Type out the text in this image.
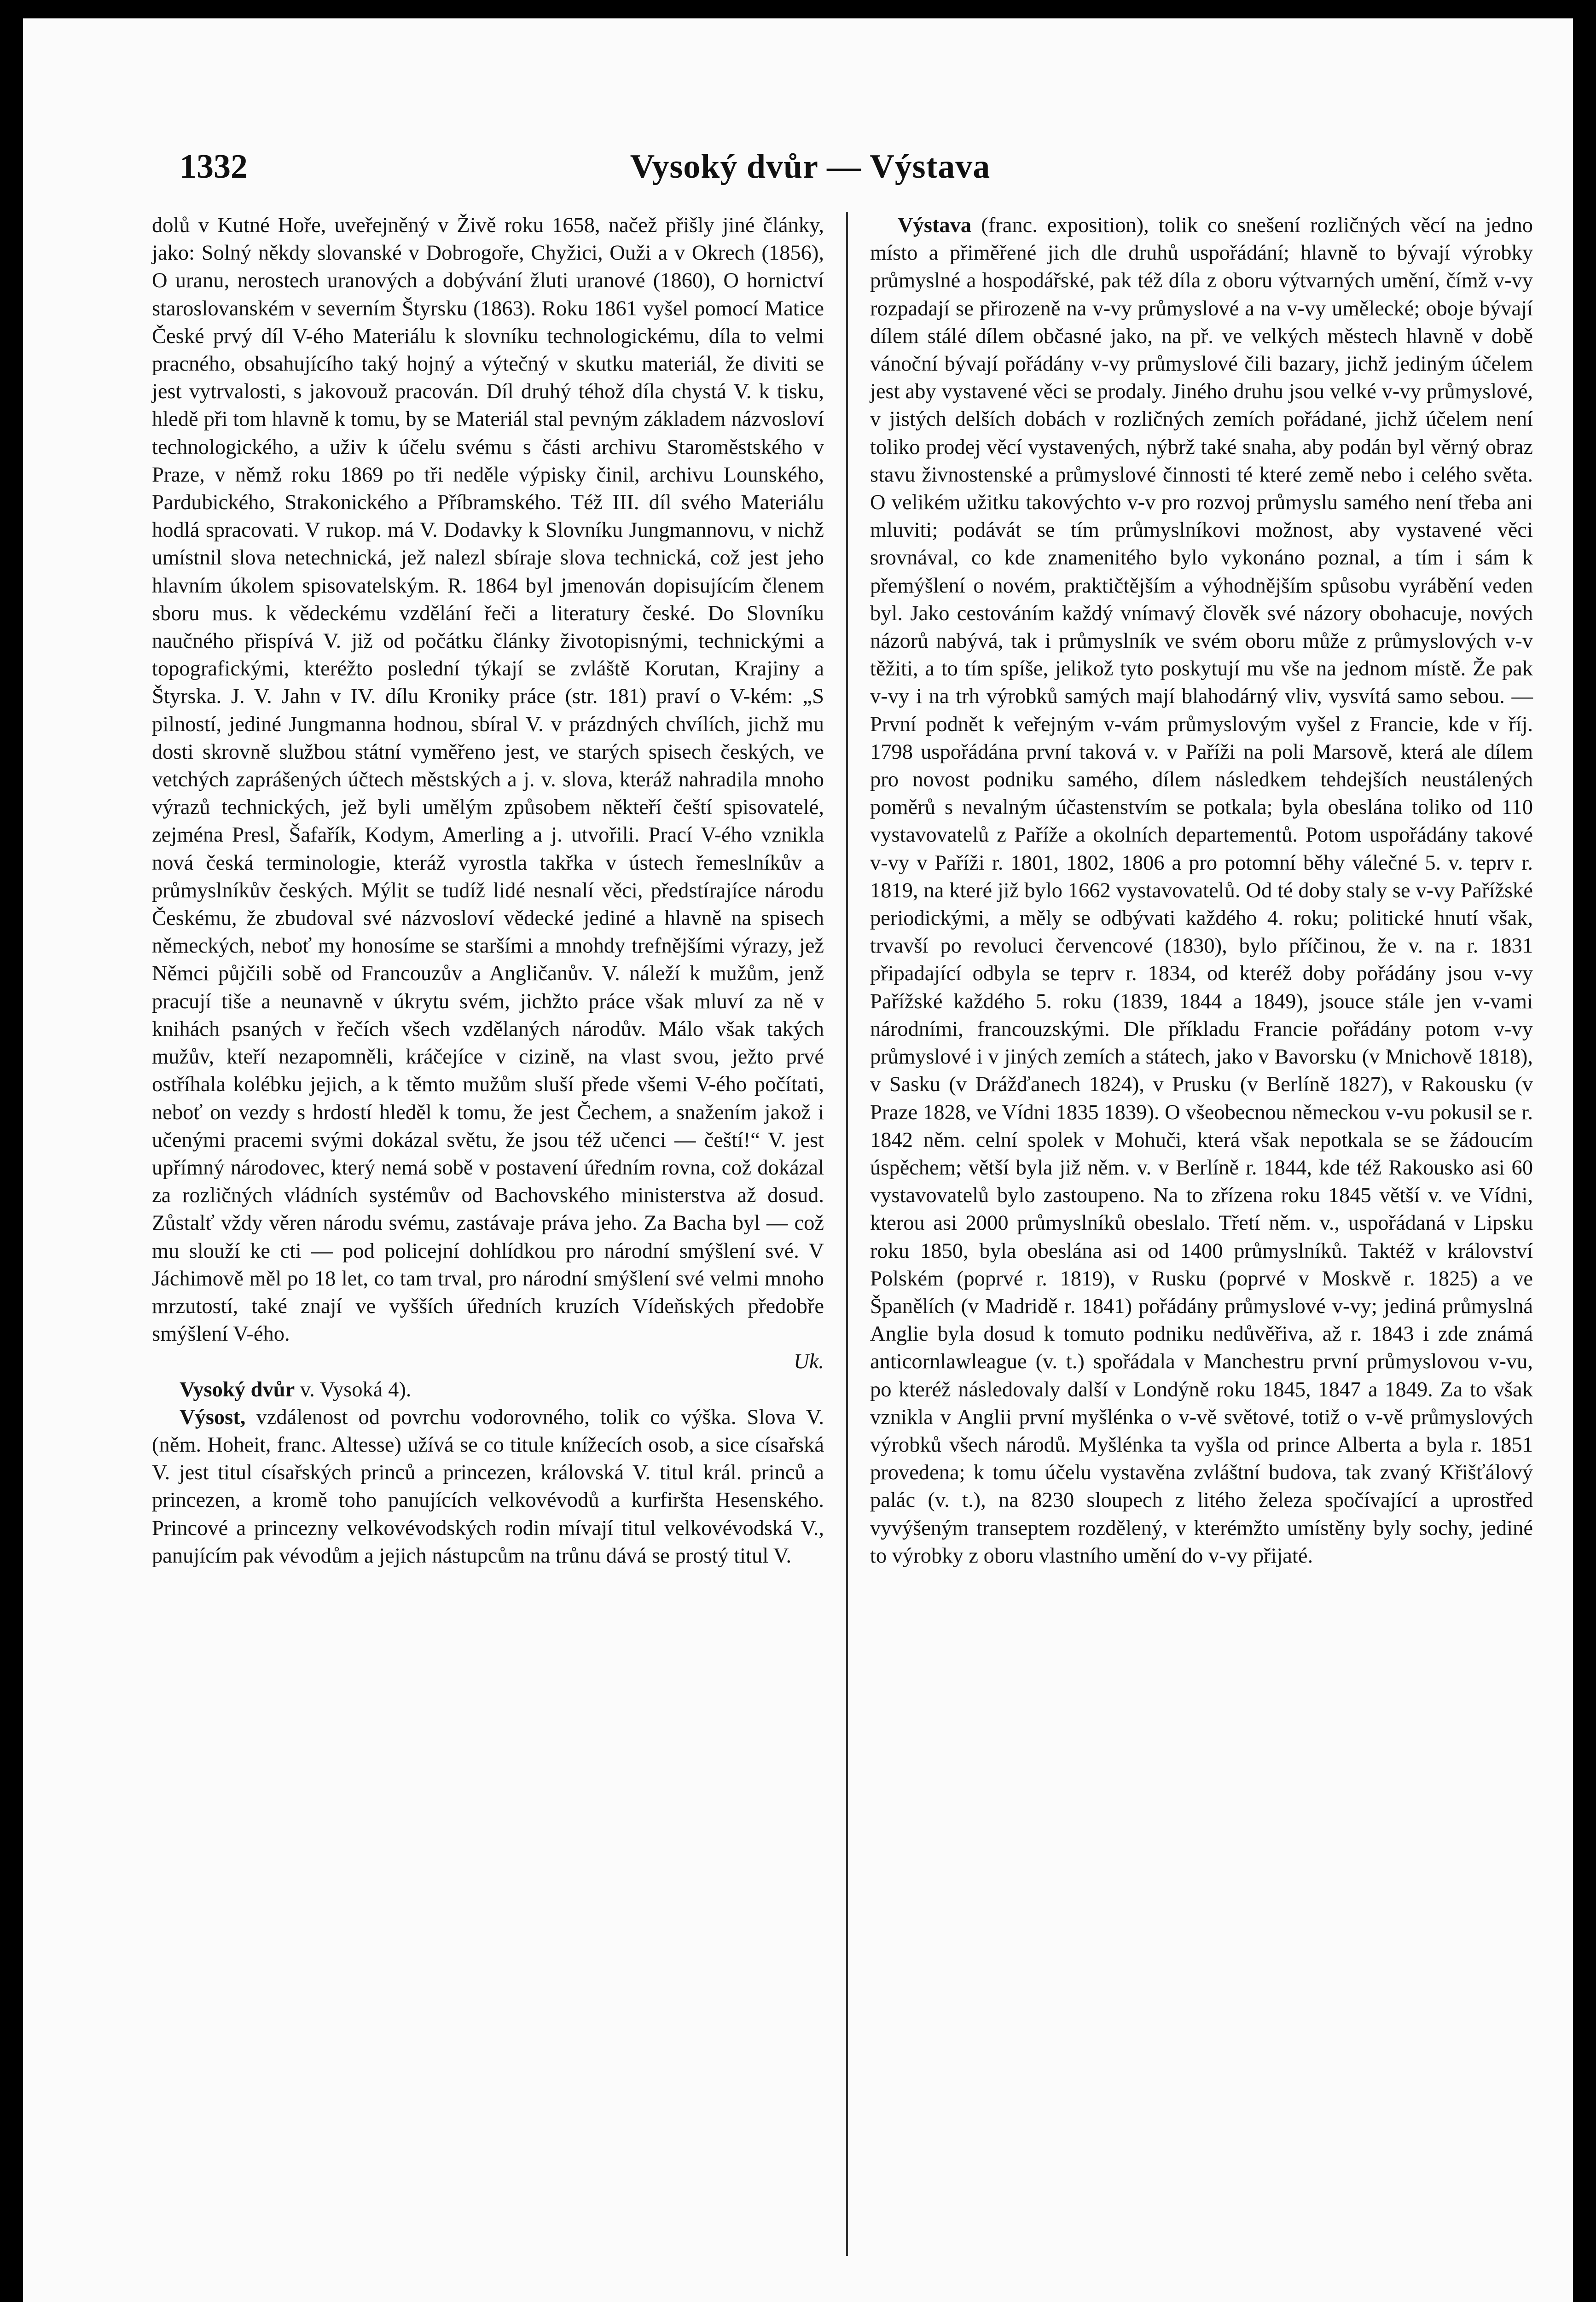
1332	Vysoký dvůr — Výstava

dolů v Kutné Hoře, uveřejněný v Živě roku 1658, načež přišly jiné články, jako: Solný někdy slovanské v Dobrogoře, Chyžici, Ouži a v Okrech (1856), O uranu, nerostech uranových a dobývání žluti uranové (1860), O hornictví staroslovanském v severním Štyrsku (1863). Roku 1861 vyšel pomocí Matice České prvý díl V-ého Materiálu k slovníku technologickému, díla to velmi pracného, obsahujícího taký hojný a výtečný v skutku materiál, že diviti se jest vytrvalosti, s jakovouž pracován. Díl druhý téhož díla chystá V. k tisku, hledě při tom hlavně k tomu, by se Materiál stal pevným základem názvosloví technologického, a uživ k účelu svému s části archivu Staroměstského v Praze, v němž roku 1869 po tři neděle výpisky činil, archivu Lounského, Pardubického, Strakonického a Příbramského. Též III. díl svého Materiálu hodlá spracovati. V rukop. má V. Dodavky k Slovníku Jungmannovu, v nichž umístnil slova netechnická, jež nalezl sbíraje slova technická, což jest jeho hlavním úkolem spisovatelským. R. 1864 byl jmenován dopisujícím členem sboru mus. k vědeckému vzdělání řeči a literatury české. Do Slovníku naučného přispívá V. již od počátku články životopisnými, technickými a topografickými, kteréžto poslední týkají se zvláště Korutan, Krajiny a Štyrska. J. V. Jahn v IV. dílu Kroniky práce (str. 181) praví o V-kém: „S pilností, jediné Jungmanna hodnou, sbíral V. v prázdných chvílích, jichž mu dosti skrovně službou státní vyměřeno jest, ve starých spisech českých, ve vetchých zaprášených účtech městských a j. v. slova, kteráž nahradila mnoho výrazů technických, jež byli umělým způsobem někteří čeští spisovatelé, zejména Presl, Šafařík, Kodym, Amerling a j. utvořili. Prací V-ého vznikla nová česká terminologie, kteráž vyrostla takřka v ústech řemeslníkův a průmyslníkův českých. Mýlit se tudíž lidé nesnalí věci, předstírajíce národu Českému, že zbudoval své názvosloví vědecké jediné a hlavně na spisech německých, neboť my honosíme se staršími a mnohdy trefnějšími výrazy, jež Němci půjčili sobě od Francouzův a Angličanův. V. náleží k mužům, jenž pracují tiše a neunavně v úkrytu svém, jichžto práce však mluví za ně v knihách psaných v řečích všech vzdělaných národův. Málo však takých mužův, kteří nezapomněli, kráčejíce v cizině, na vlast svou, ježto prvé ostříhala kolébku jejich, a k těmto mužům sluší přede všemi V-ého počítati, neboť on vezdy s hrdostí hleděl k tomu, že jest Čechem, a snažením jakož i učenými pracemi svými dokázal světu, že jsou též učenci — čeští!“ V. jest upřímný národovec, který nemá sobě v postavení úředním rovna, což dokázal za rozličných vládních systémův od Bachovského ministerstva až dosud. Zůstalť vždy věren národu svému, zastávaje práva jeho. Za Bacha byl — což mu slouží ke cti — pod policejní dohlídkou pro národní smýšlení své. V Jáchimově měl po 18 let, co tam trval, pro národní smýšlení své velmi mnoho mrzutostí, také znají ve vyšších úředních kruzích Vídeňských předobře smýšlení V-ého.

Uk.

Vysoký dvůr v. Vysoká 4).

Výsost, vzdálenost od povrchu vodorovného, tolik co výška. Slova V. (něm. Hoheit, franc. Altesse) užívá se co titule knížecích osob, a sice císařská V. jest titul císařských princů a princezen, královská V. titul král. princů a princezen, a kromě toho panujících velkovévodů a kurfiršta Hesenského. Princové a princezny velkovévodských rodin mívají titul velkovévodská V., panujícím pak vévodům a jejich nástupcům na trůnu dává se prostý titul V.

Výstava (franc. exposition), tolik co snešení rozličných věcí na jedno místo a přiměřené jich dle druhů uspořádání; hlavně to bývají výrobky průmyslné a hospodářské, pak též díla z oboru výtvarných umění, čímž v-vy rozpadají se přirozeně na v-vy průmyslové a na v-vy umělecké; oboje bývají dílem stálé dílem občasné jako, na př. ve velkých městech hlavně v době vánoční bývají pořádány v-vy průmyslové čili bazary, jichž jediným účelem jest aby vystavené věci se prodaly. Jiného druhu jsou velké v-vy průmyslové, v jistých delších dobách v rozličných zemích pořádané, jichž účelem není toliko prodej věcí vystavených, nýbrž také snaha, aby podán byl věrný obraz stavu živnostenské a průmyslové činnosti té které země nebo i celého světa. O velikém užitku takovýchto v-v pro rozvoj průmyslu samého není třeba ani mluviti; podávát se tím průmyslníkovi možnost, aby vystavené věci srovnával, co kde znamenitého bylo vykonáno poznal, a tím i sám k přemýšlení o novém, praktičtějším a výhodnějším spůsobu vyrábění veden byl. Jako cestováním každý vnímavý člověk své názory obohacuje, nových názorů nabývá, tak i průmyslník ve svém oboru může z průmyslových v-v těžiti, a to tím spíše, jelikož tyto poskytují mu vše na jednom místě. Že pak v-vy i na trh výrobků samých mají blahodárný vliv, vysvítá samo sebou. — První podnět k veřejným v-vám průmyslovým vyšel z Francie, kde v říj. 1798 uspořádána první taková v. v Paříži na poli Marsově, která ale dílem pro novost podniku samého, dílem následkem tehdejších neustálených poměrů s nevalným účastenstvím se potkala; byla obeslána toliko od 110 vystavovatelů z Paříže a okolních departementů. Potom uspořádány takové v-vy v Paříži r. 1801, 1802, 1806 a pro potomní běhy válečné 5. v. teprv r. 1819, na které již bylo 1662 vystavovatelů. Od té doby staly se v-vy Pařížské periodickými, a měly se odbývati každého 4. roku; politické hnutí však, trvavší po revoluci červencové (1830), bylo příčinou, že v. na r. 1831 připadající odbyla se teprv r. 1834, od kteréž doby pořádány jsou v-vy Pařížské každého 5. roku (1839, 1844 a 1849), jsouce stále jen v-vami národními, francouzskými. Dle příkladu Francie pořádány potom v-vy průmyslové i v jiných zemích a státech, jako v Bavorsku (v Mnichově 1818), v Sasku (v Drážďanech 1824), v Prusku (v Berlíně 1827), v Rakousku (v Praze 1828, ve Vídni 1835 1839). O všeobecnou německou v-vu pokusil se r. 1842 něm. celní spolek v Mohuči, která však nepotkala se se žádoucím úspěchem; větší byla již něm. v. v Berlíně r. 1844, kde též Rakousko asi 60 vystavovatelů bylo zastoupeno. Na to zřízena roku 1845 větší v. ve Vídni, kterou asi 2000 průmyslníků obeslalo. Třetí něm. v., uspořádaná v Lipsku roku 1850, byla obeslána asi od 1400 průmyslníků. Taktéž v království Polském (poprvé r. 1819), v Rusku (poprvé v Moskvě r. 1825) a ve Španělích (v Madridě r. 1841) pořádány průmyslové v-vy; jediná průmyslná Anglie byla dosud k tomuto podniku nedůvěřiva, až r. 1843 i zde známá anticornlawleague (v. t.) spořádala v Manchestru první průmyslovou v-vu, po kteréž následovaly další v Londýně roku 1845, 1847 a 1849. Za to však vznikla v Anglii první myšlénka o v-vě světové, totiž o v-vě průmyslových výrobků všech národů. Myšlénka ta vyšla od prince Alberta a byla r. 1851 provedena; k tomu účelu vystavěna zvláštní budova, tak zvaný Křišťálový palác (v. t.), na 8230 sloupech z litého železa spočívající a uprostřed vyvýšeným transeptem rozdělený, v kterémžto umístěny byly sochy, jediné to výrobky z oboru vlastního umění do v-vy přijaté.
